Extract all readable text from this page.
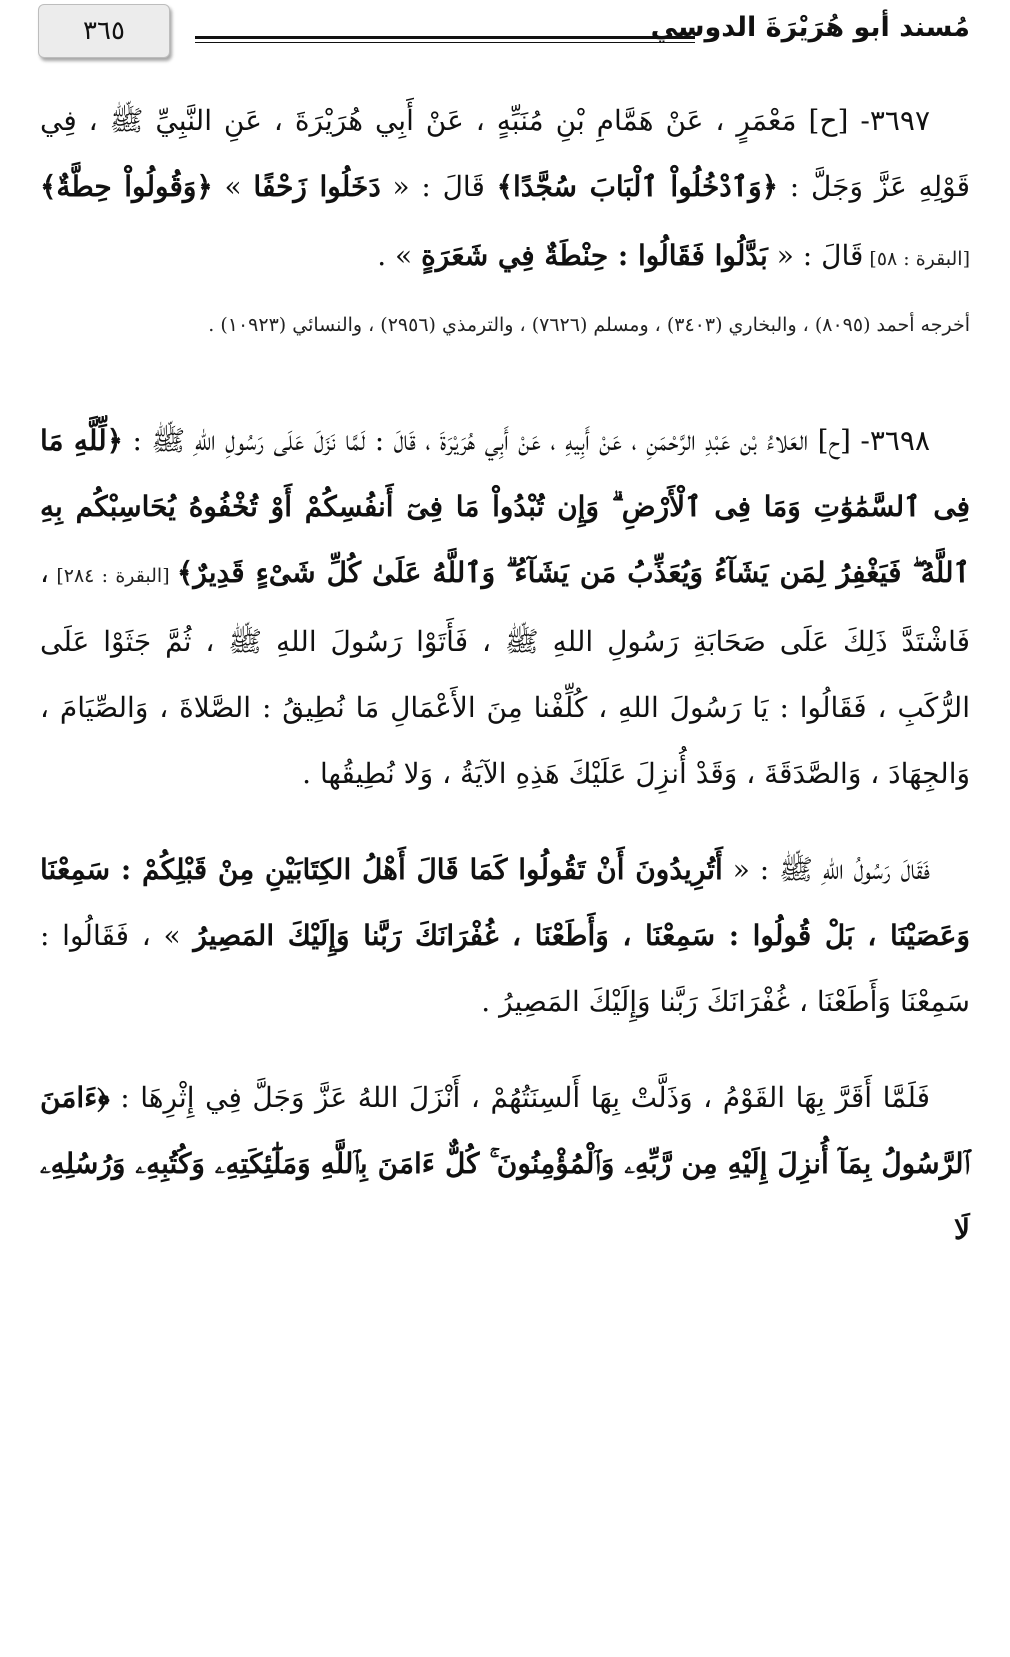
٣٦٥	مُسند أبو هُرَيْرَةَ الدوسي

٣٦٩٧- [ح] مَعْمَرٍ ، عَنْ هَمَّامِ بْنِ مُنَبِّهٍ ، عَنْ أَبِي هُرَيْرَةَ ، عَنِ النَّبِيِّ ﷺ ، فِي قَوْلِهِ عَزَّ وَجَلَّ : ﴿وَٱدْخُلُواْ ٱلْبَابَ سُجَّدًا﴾ قَالَ : « دَخَلُوا زَحْفًا » ﴿وَقُولُواْ حِطَّةٌ﴾ [البقرة : ٥٨] قَالَ : « بَدَّلُوا فَقَالُوا : حِنْطَةٌ فِي شَعَرَةٍ » .

أخرجه أحمد (٨٠٩٥) ، والبخاري (٣٤٠٣) ، ومسلم (٧٦٢٦) ، والترمذي (٢٩٥٦) ، والنسائي (١٠٩٢٣) .

٣٦٩٨- [ح] العَلاءُ بْن عَبْدِ الرَّحْمَنِ ، عَنْ أَبِيهِ ، عَنْ أَبِي هُرَيْرَةَ ، قَالَ : لَمَّا نَزَلَ عَلَى رَسُولِ اللهِ ﷺ : ﴿لِّلَّهِ مَا فِى ٱلسَّمَٰوَٰتِ وَمَا فِى ٱلْأَرْضِ ۗ وَإِن تُبْدُواْ مَا فِىٓ أَنفُسِكُمْ أَوْ تُخْفُوهُ يُحَاسِبْكُم بِهِ ٱللَّهُ ۖ فَيَغْفِرُ لِمَن يَشَآءُ وَيُعَذِّبُ مَن يَشَآءُ ۗ وَٱللَّهُ عَلَىٰ كُلِّ شَىْءٍ قَدِيرٌ﴾ [البقرة : ٢٨٤] ، فَاشْتَدَّ ذَلِكَ عَلَى صَحَابَةِ رَسُولِ اللهِ ﷺ ، فَأَتَوْا رَسُولَ اللهِ ﷺ ، ثُمَّ جَثَوْا عَلَى الرُّكَبِ ، فَقَالُوا : يَا رَسُولَ اللهِ ، كُلِّفْنا مِنَ الأَعْمَالِ مَا نُطِيقُ : الصَّلاةَ ، وَالصِّيَامَ ، وَالجِهَادَ ، وَالصَّدَقَةَ ، وَقَدْ أُنزِلَ عَلَيْكَ هَذِهِ الآيَةُ ، وَلا نُطِيقُها .

فَقَالَ رَسُولُ اللهِ ﷺ : « أَتُرِيدُونَ أَنْ تَقُولُوا كَمَا قَالَ أَهْلُ الكِتَابَيْنِ مِنْ قَبْلِكُمْ : سَمِعْنَا وَعَصَيْنَا ، بَلْ قُولُوا : سَمِعْنَا ، وَأَطَعْنَا ، غُفْرَانَكَ رَبَّنا وَإِلَيْكَ المَصِيرُ » ، فَقَالُوا : سَمِعْنَا وَأَطَعْنَا ، غُفْرَانَكَ رَبَّنا وَإِلَيْكَ المَصِيرُ .

فَلَمَّا أَقَرَّ بِهَا القَوْمُ ، وَذَلَّتْ بِهَا أَلسِنَتُهُمْ ، أَنْزَلَ اللهُ عَزَّ وَجَلَّ فِي إِثْرِهَا : ﴿ءَامَنَ ٱلرَّسُولُ بِمَآ أُنزِلَ إِلَيْهِ مِن رَّبِّهِۦ وَٱلْمُؤْمِنُونَ ۚ كُلٌّ ءَامَنَ بِٱللَّهِ وَمَلَٰٓئِكَتِهِۦ وَكُتُبِهِۦ وَرُسُلِهِۦ لَا
